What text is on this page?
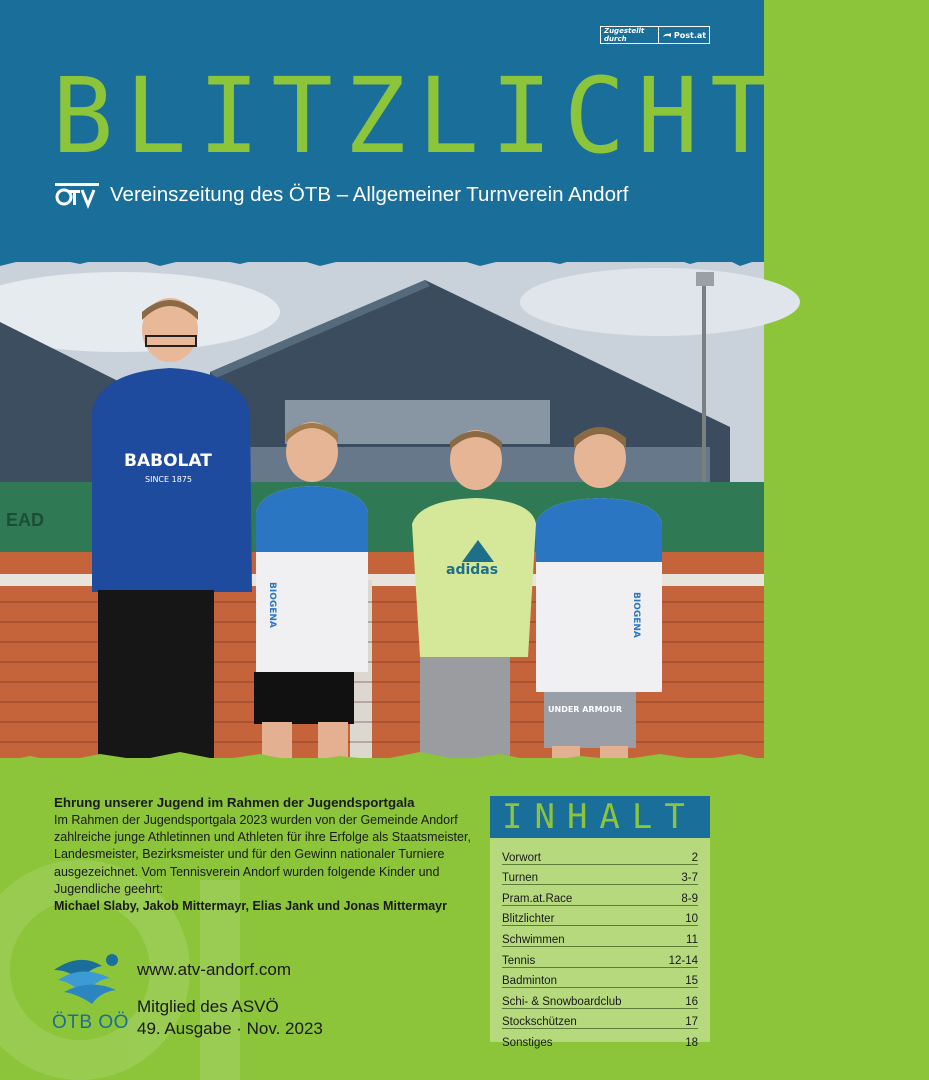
Zugestellt durch	Post.at
BLITZLICHTER
Vereinszeitung des ÖTB – Allgemeiner Turnverein Andorf
EAD
BABOLAT
SINCE 1875
BIOGENA
adidas
BIOGENA
UNDER ARMOUR
Ehrung unserer Jugend im Rahmen der Jugendsportgala

Im Rahmen der Jugendsportgala 2023 wurden von der Gemeinde Andorf zahlreiche junge Athletinnen und Athleten für ihre Erfolge als Staatsmeister, Landesmeister, Bezirksmeister und für den Gewinn nationaler Turniere ausgezeichnet. Vom Tennisverein Andorf wurden folgende Kinder und Jugendliche geehrt:

Michael Slaby, Jakob Mittermayr, Elias Jank und Jonas Mittermayr

ÖTB OÖ
www.atv-andorf.com
Mitglied des ASVÖ
49. Ausgabe · Nov. 2023
INHALT
Vorwort	2
Turnen	3-7
Pram.at.Race	8-9
Blitzlichter	10
Schwimmen	11
Tennis	12-14
Badminton	15
Schi- & Snowboardclub	16
Stockschützen	17
Sonstiges	18
